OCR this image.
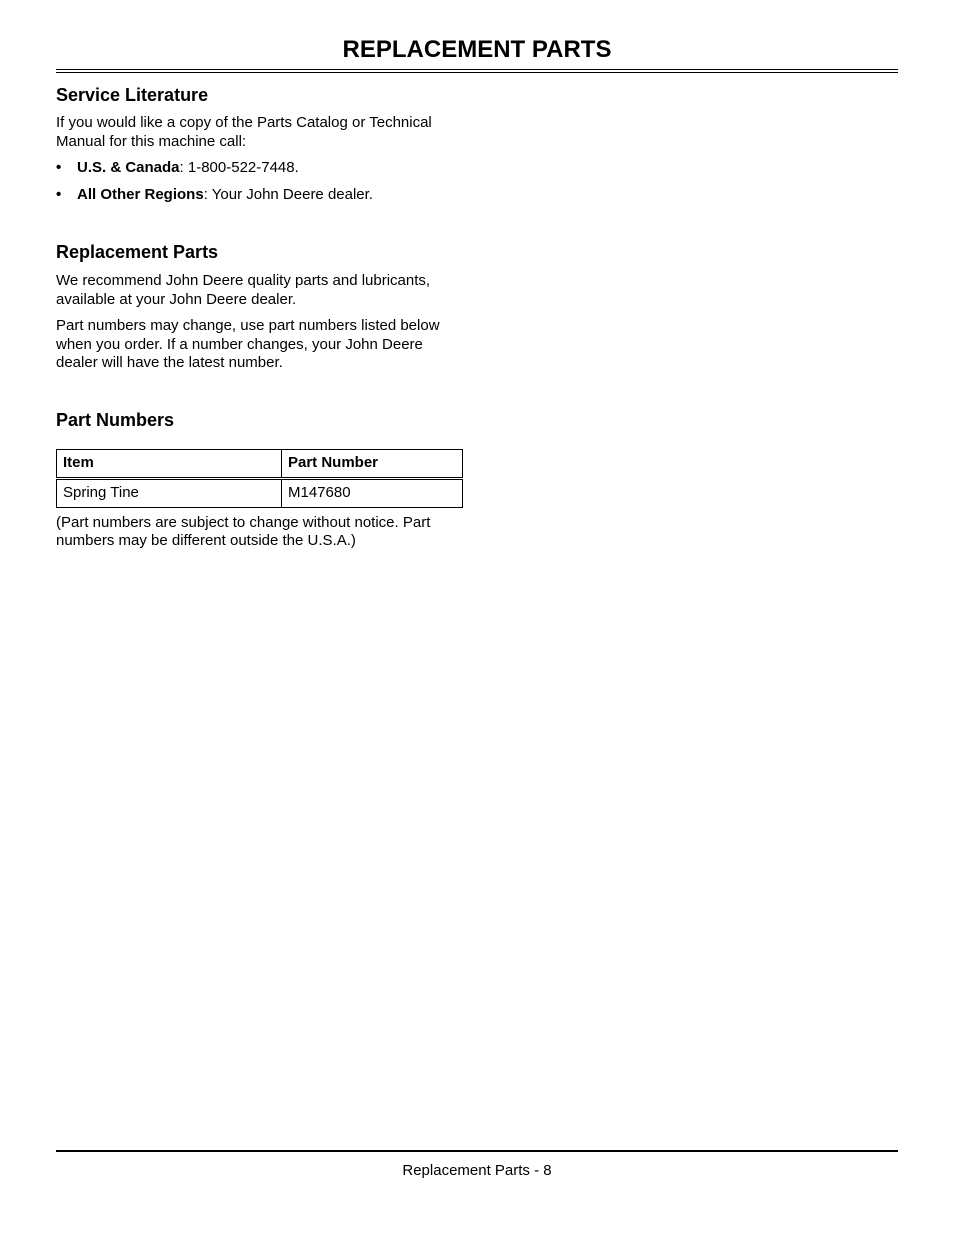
REPLACEMENT PARTS
Service Literature

If you would like a copy of the Parts Catalog or Technical Manual for this machine call:

• U.S. & Canada: 1-800-522-7448.
• All Other Regions: Your John Deere dealer.
Replacement Parts

We recommend John Deere quality parts and lubricants, available at your John Deere dealer.

Part numbers may change, use part numbers listed below when you order. If a number changes, your John Deere dealer will have the latest number.

Part Numbers
Item	Part Number
Spring Tine	M147680

(Part numbers are subject to change without notice. Part numbers may be different outside the U.S.A.)

Replacement Parts - 8
